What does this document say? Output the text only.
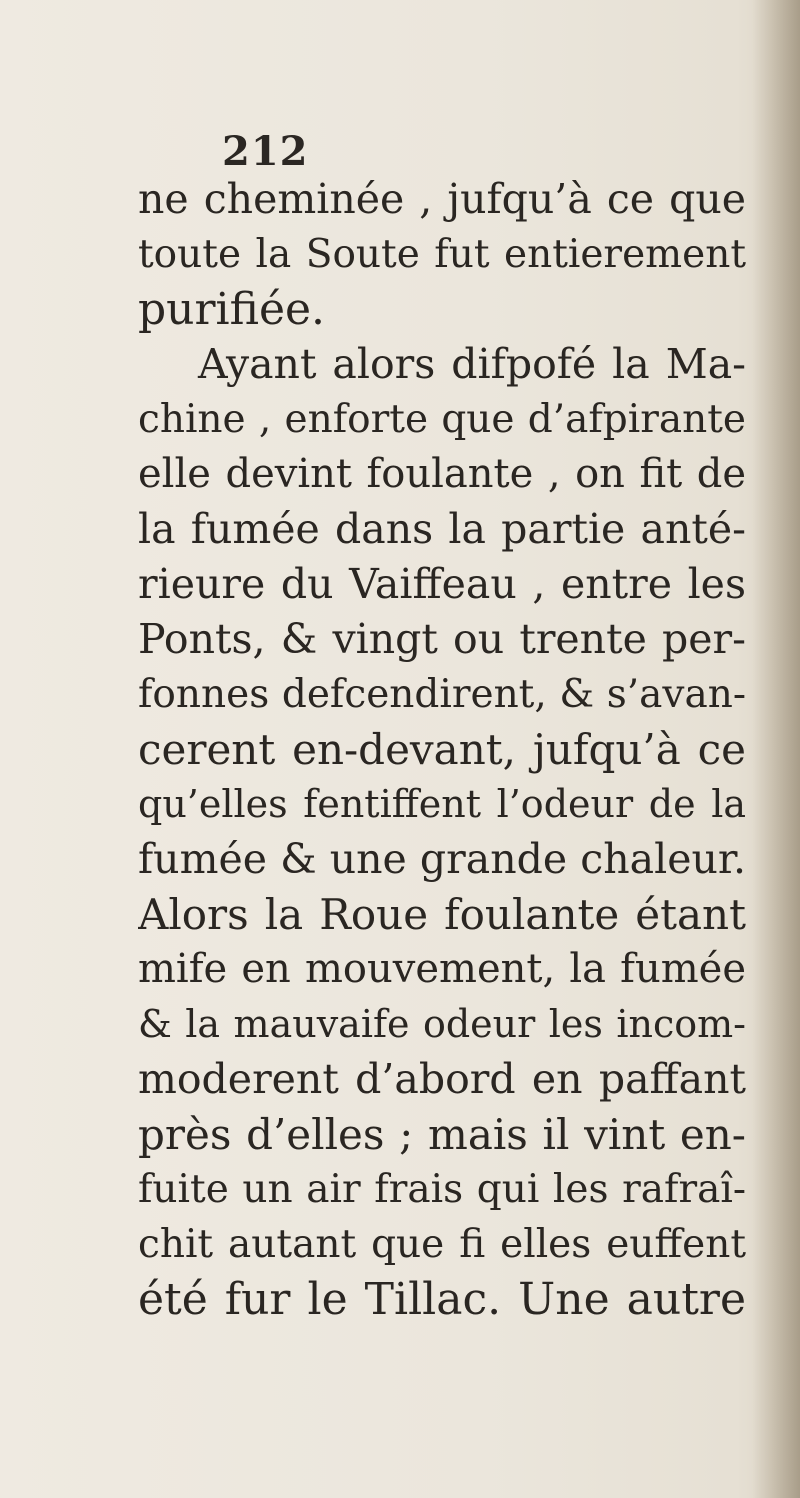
212
ne cheminée , jufqu’à ce que
toute la Soute fut entierement
purifiée.
Ayant alors difpofé la Ma-
chine , enforte que d’afpirante
elle devint foulante , on fit de
la fumée dans la partie anté-
rieure du Vaiffeau , entre les
Ponts, & vingt ou trente per-
fonnes defcendirent, & s’avan-
cerent en-devant, jufqu’à ce
qu’elles fentiffent l’odeur de la
fumée & une grande chaleur.
Alors la Roue foulante étant
mife en mouvement, la fumée
& la mauvaife odeur les incom-
moderent d’abord en paffant
près d’elles ; mais il vint en-
fuite un air frais qui les rafraî-
chit autant que fi elles euffent
été fur le Tillac. Une autre
